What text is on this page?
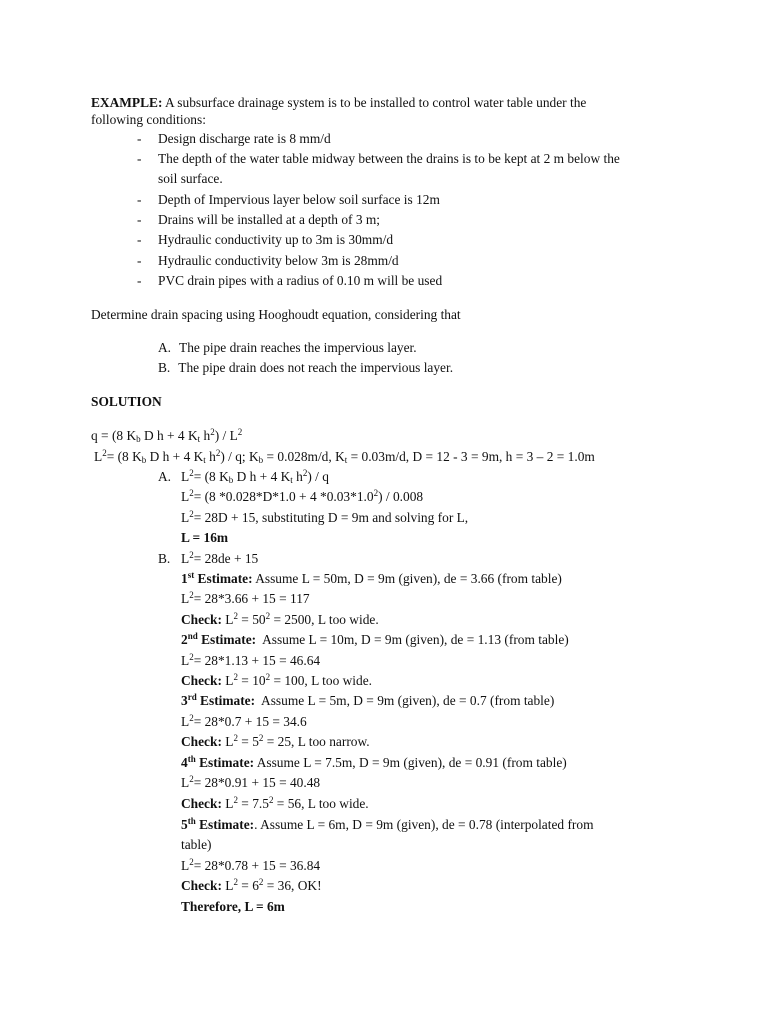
EXAMPLE: A subsurface drainage system is to be installed to control water table under the
following conditions:
- Design discharge rate is 8 mm/d
- The depth of the water table midway between the drains is to be kept at 2 m below the
soil surface.
- Depth of Impervious layer below soil surface is 12m
- Drains will be installed at a depth of 3 m;
- Hydraulic conductivity up to 3m is 30mm/d
- Hydraulic conductivity below 3m is 28mm/d
- PVC drain pipes with a radius of 0.10 m will be used
Determine drain spacing using Hooghoudt equation, considering that
A. The pipe drain reaches the impervious layer.
B. The pipe drain does not reach the impervious layer.
SOLUTION
q = (8 $K_b$ D h + 4 $K_t$ $h^2) / L^2$
$L^2= (8$ $K_b$ D h + 4 $K_t$ $h^2$) / q; $K_b = 0.028m/d$, $K_t = 0.03m/d$, D = 12 - 3 = 9m, h = 3 – 2 = 1.0m
A. $L^2= (8$ $K_b$ D h + 4 $K_t$ $h^2$) / q
$L^2= (8$ *0.028*D*1.0 + 4 $*0.03*1.0^2) / 0.008$
$L^2= 28D + 15$, substituting D = 9m and solving for L,
L = 16m
B. $L^2= 28de + 15$
1st Estimate: Assume L = 50m, D = 9m (given), de = 3.66 (from table)
$L^2= 28*3.66 + 15 = 117$
Check: $L^2 = 50^2 = 2500$, L too wide.
2nd Estimate:  Assume L = 10m, D = 9m (given), de = 1.13 (from table)
$L^2= 28*1.13 + 15 = 46.64$
Check: $L^2 = 10^2 = 100$, L too wide.
3rd Estimate:  Assume L = 5m, D = 9m (given), de = 0.7 (from table)
$L^2= 28*0.7 + 15 = 34.6$
Check: $L^2 = 5^2 = 25$, L too narrow.
4th Estimate: Assume L = 7.5m, D = 9m (given), de = 0.91 (from table)
$L^2= 28*0.91 + 15 = 40.48$
Check: $L^2 = 7.5^2 = 56$, L too wide.
5th Estimate:. Assume L = 6m, D = 9m (given), de = 0.78 (interpolated from
table)
$L^2= 28*0.78 + 15 = 36.84$
Check: $L^2 = 6^2 = 36$, OK!
Therefore, L = 6m
